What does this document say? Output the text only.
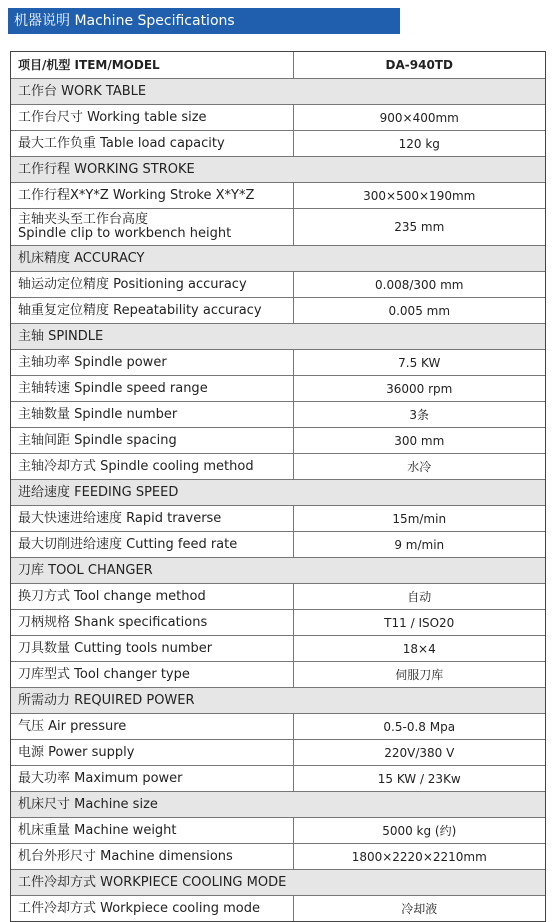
机器说明 Machine Specifications
项目/机型 ITEM/MODEL	DA-940TD
工作台 WORK TABLE	
工作台尺寸 Working table size	900×400mm
最大工作负重 Table load capacity	120 kg
工作行程 WORKING STROKE	
工作行程X*Y*Z Working Stroke X*Y*Z	300×500×190mm
主轴夹头至工作台高度
Spindle clip to workbench height	235 mm
机床精度 ACCURACY	
轴运动定位精度 Positioning accuracy	0.008/300 mm
轴重复定位精度 Repeatability accuracy	0.005 mm
主轴 SPINDLE	
主轴功率 Spindle power	7.5 KW
主轴转速 Spindle speed range	36000 rpm
主轴数量 Spindle number	3条
主轴间距 Spindle spacing	300 mm
主轴冷却方式 Spindle cooling method	水冷
进给速度 FEEDING SPEED	
最大快速进给速度 Rapid traverse	15m/min
最大切削进给速度 Cutting feed rate	9 m/min
刀库 TOOL CHANGER	
换刀方式 Tool change method	自动
刀柄规格 Shank specifications	T11 / ISO20
刀具数量 Cutting tools number	18×4
刀库型式 Tool changer type	伺服刀库
所需动力 REQUIRED POWER	
气压 Air pressure	0.5-0.8 Mpa
电源 Power supply	220V/380 V
最大功率 Maximum power	15 KW / 23Kw
机床尺寸 Machine size	
机床重量 Machine weight	5000 kg (约)
机台外形尺寸 Machine dimensions	1800×2220×2210mm
工件冷却方式 WORKPIECE COOLING MODE	
工件冷却方式 Workpiece cooling mode	冷却液
